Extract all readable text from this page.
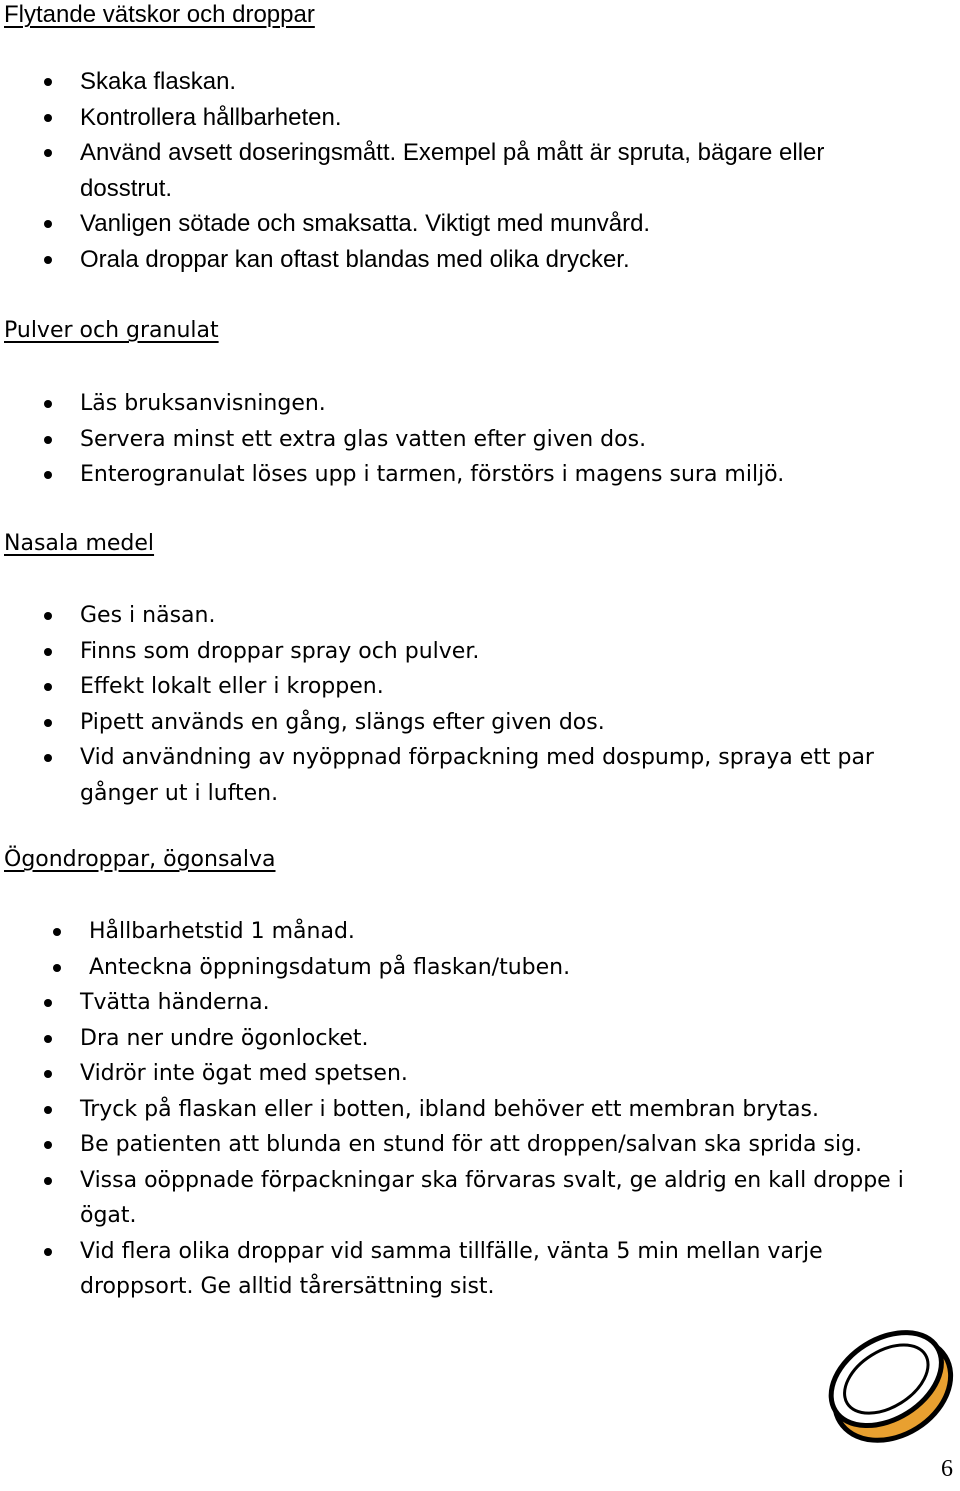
Flytande vätskor och droppar
Skaka flaskan.
Kontrollera hållbarheten.
Använd avsett doseringsmått. Exempel på mått är spruta, bägare eller
dosstrut.
Vanligen sötade och smaksatta. Viktigt med munvård.
Orala droppar kan oftast blandas med olika drycker.
Pulver och granulat
Läs bruksanvisningen.
Servera minst ett extra glas vatten efter given dos.
Enterogranulat löses upp i tarmen, förstörs i magens sura miljö.
Nasala medel
Ges i näsan.
Finns som droppar spray och pulver.
Effekt lokalt eller i kroppen.
Pipett används en gång, slängs efter given dos.
Vid användning av nyöppnad förpackning med dospump, spraya ett par
gånger ut i luften.
Ögondroppar, ögonsalva
Hållbarhetstid 1 månad.
Anteckna öppningsdatum på flaskan/tuben.
Tvätta händerna.
Dra ner undre ögonlocket.
Vidrör inte ögat med spetsen.
Tryck på flaskan eller i botten, ibland behöver ett membran brytas.
Be patienten att blunda en stund för att droppen/salvan ska sprida sig.
Vissa oöppnade förpackningar ska förvaras svalt, ge aldrig en kall droppe i
ögat.
Vid flera olika droppar vid samma tillfälle, vänta 5 min mellan varje
droppsort. Ge alltid tårersättning sist.
6
